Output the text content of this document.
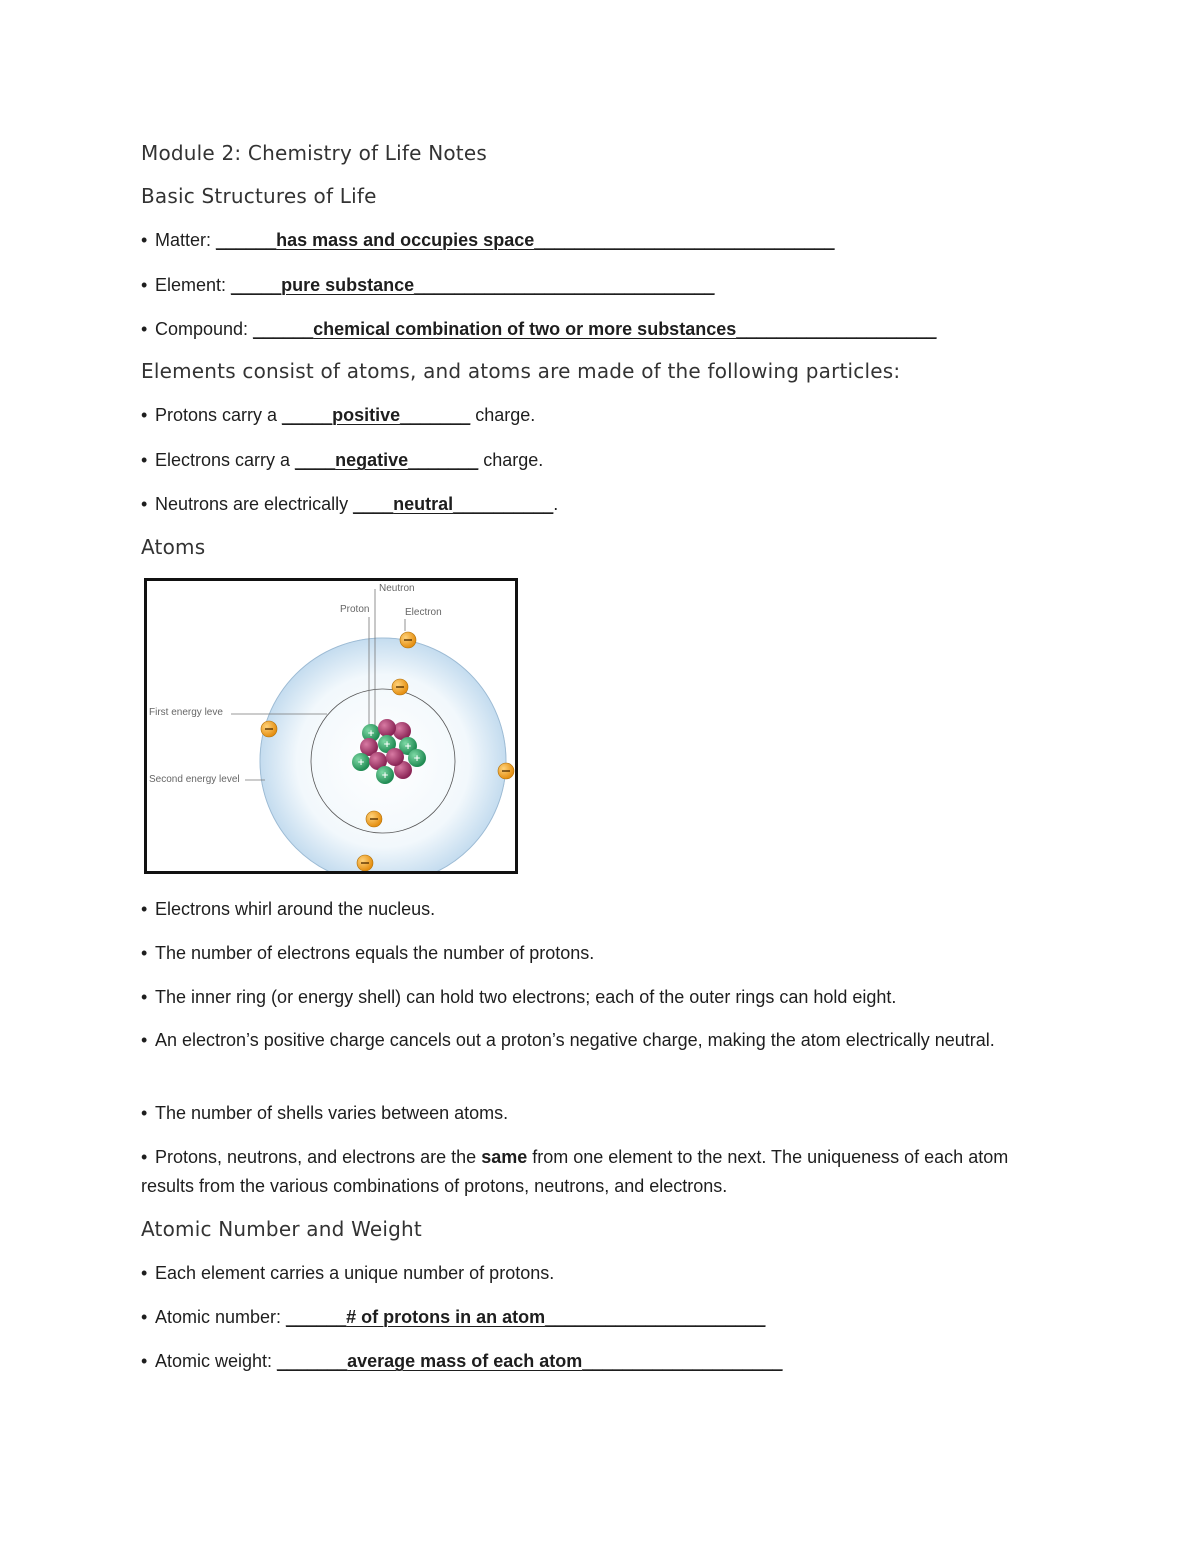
Module 2: Chemistry of Life Notes
Basic Structures of Life
• Matter: ______has mass and occupies space______________________________
• Element: _____pure substance______________________________
• Compound: ______chemical combination of two or more substances____________________
Elements consist of atoms, and atoms are made of the following particles:
• Protons carry a _____positive_______ charge.
• Electrons carry a ____negative_______ charge.
• Neutrons are electrically ____neutral__________.
Atoms
Neutron
Proton	Electron
First energy leve
Second energy level
+
+
+
+
+
+
• Electrons whirl around the nucleus.
• The number of electrons equals the number of protons.
• The inner ring (or energy shell) can hold two electrons; each of the outer rings can hold eight.
• An electron’s positive charge cancels out a proton’s negative charge, making the atom electrically neutral.
• The number of shells varies between atoms.
• Protons, neutrons, and electrons are the same from one element to the next. The uniqueness of each atom results from the various combinations of protons, neutrons, and electrons.
Atomic Number and Weight
• Each element carries a unique number of protons.
• Atomic number: ______# of protons in an atom______________________
• Atomic weight: _______average mass of each atom____________________
